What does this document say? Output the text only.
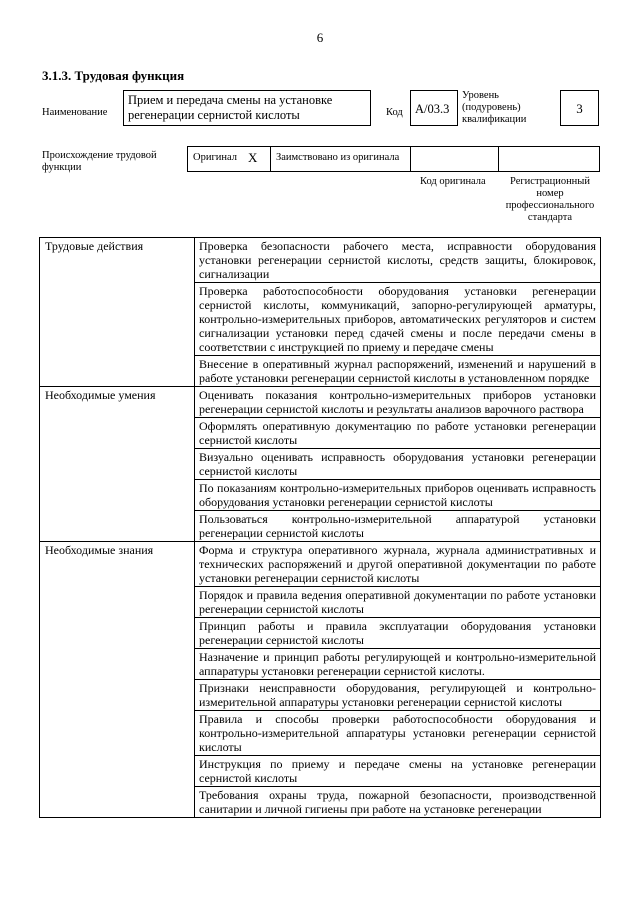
6
3.1.3. Трудовая функция
Наименование
Прием и передача смены на установке регенерации сернистой кислоты	Код А/03.3
Уровень (подуровень) квалификации
3
Происхождение трудовой функции
Оригинал X Заимствовано из оригинала
Код оригинала	Регистрационный номер профессионального стандарта
Трудовые действия	Проверка безопасности рабочего места, исправности оборудования установки регенерации сернистой кислоты, средств защиты, блокировок, сигнализации
	Проверка работоспособности оборудования установки регенерации сернистой кислоты, коммуникаций, запорно-регулирующей арматуры, контрольно-измерительных приборов, автоматических регуляторов и систем сигнализации установки перед сдачей смены и после передачи смены в соответствии с инструкцией по приему и передаче смены
	Внесение в оперативный журнал распоряжений, изменений и нарушений в работе установки регенерации сернистой кислоты в установленном порядке
Необходимые умения	Оценивать показания контрольно-измерительных приборов установки регенерации сернистой кислоты и результаты анализов варочного раствора
	Оформлять оперативную документацию по работе установки регенерации сернистой кислоты
	Визуально оценивать исправность оборудования установки регенерации сернистой кислоты
	По показаниям контрольно-измерительных приборов оценивать исправность оборудования установки регенерации сернистой кислоты
	Пользоваться контрольно-измерительной аппаратурой установки регенерации сернистой кислоты
Необходимые знания	Форма и структура оперативного журнала, журнала административных и технических распоряжений и другой оперативной документации по работе установки регенерации сернистой кислоты
	Порядок и правила ведения оперативной документации по работе установки регенерации сернистой кислоты
	Принцип работы и правила эксплуатации оборудования установки регенерации сернистой кислоты
	Назначение и принцип работы регулирующей и контрольно-измерительной аппаратуры установки регенерации сернистой кислоты.
	Признаки неисправности оборудования, регулирующей и контрольно-измерительной аппаратуры установки регенерации сернистой кислоты
	Правила и способы проверки работоспособности оборудования и контрольно-измерительной аппаратуры установки регенерации сернистой кислоты
	Инструкция по приему и передаче смены на установке регенерации сернистой кислоты
	Требования охраны труда, пожарной безопасности, производственной санитарии и личной гигиены при работе на установке регенерации
